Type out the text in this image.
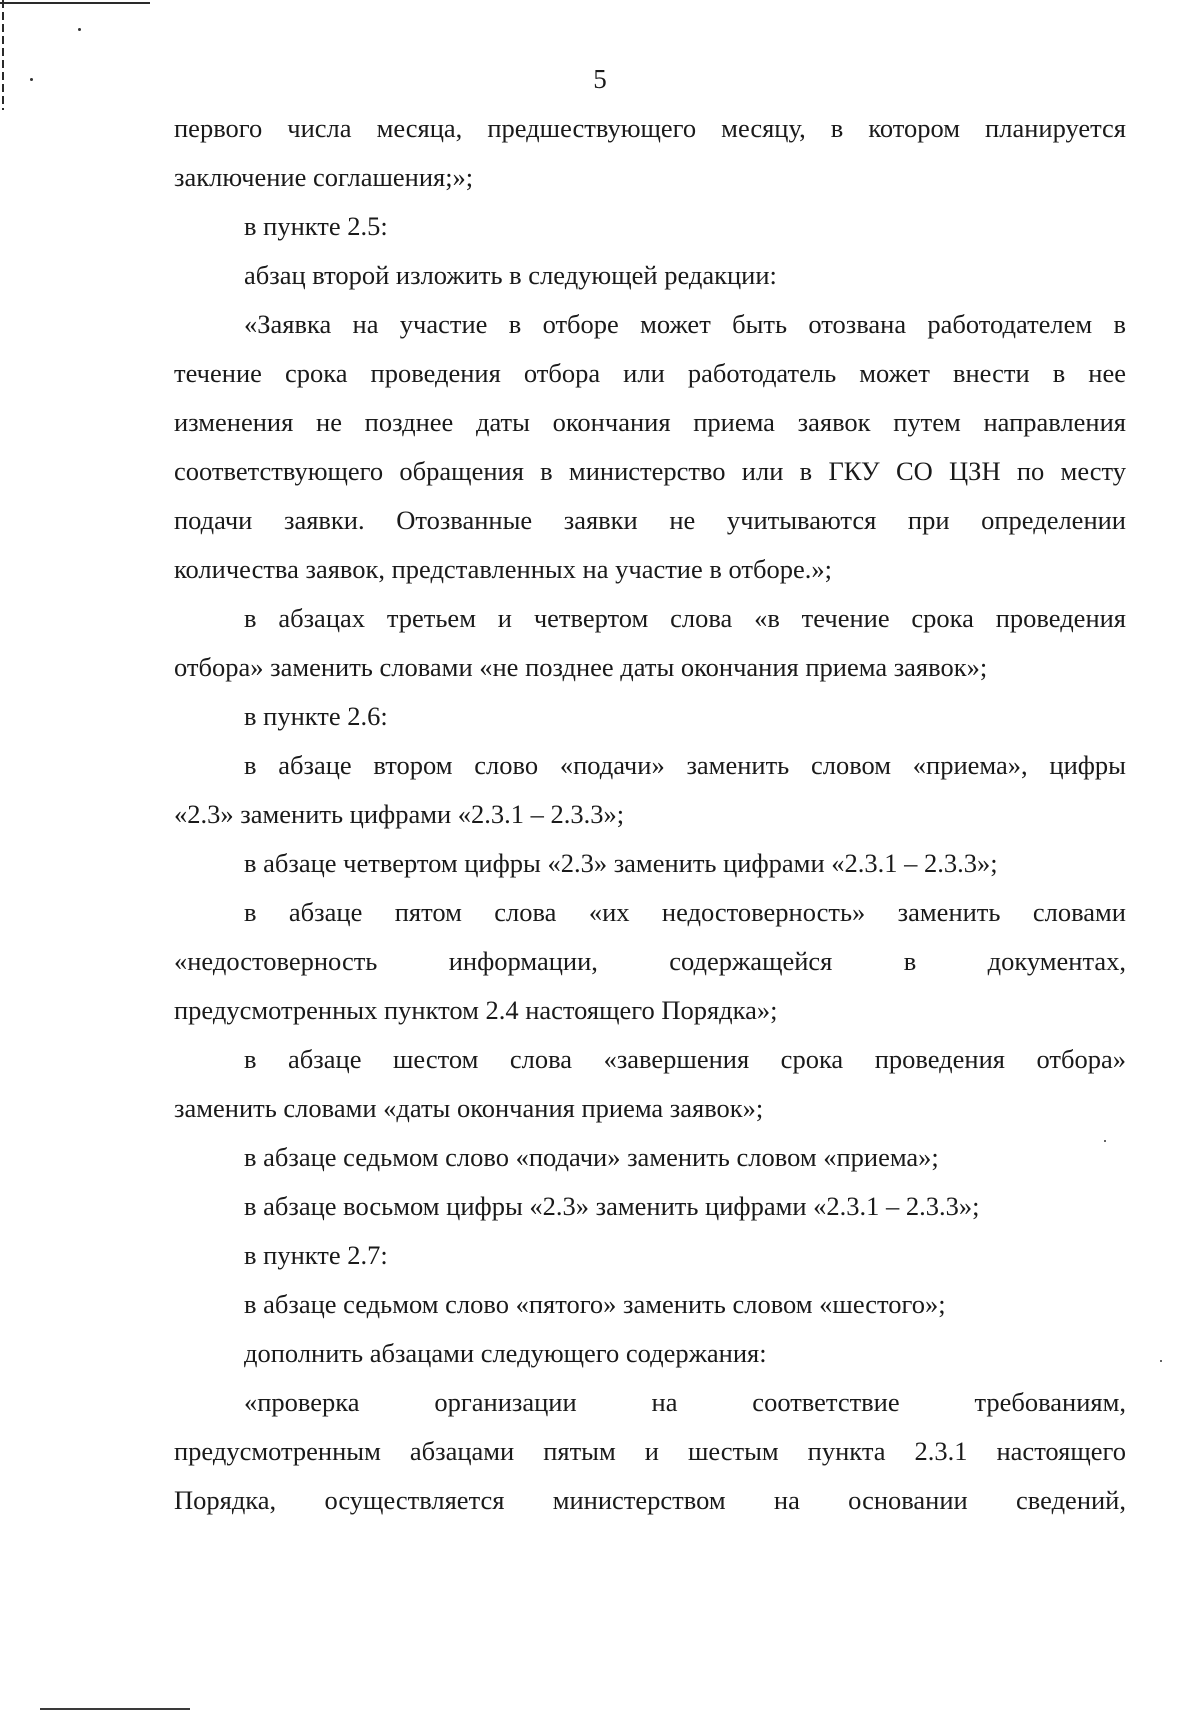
5
первого числа месяца, предшествующего месяцу, в котором планируется
заключение соглашения;»;
в пункте 2.5:
абзац второй изложить в следующей редакции:
«Заявка на участие в отборе может быть отозвана работодателем в
течение срока проведения отбора или работодатель может внести в нее
изменения не позднее даты окончания приема заявок путем направления
соответствующего обращения в министерство или в ГКУ СО ЦЗН по месту
подачи заявки. Отозванные заявки не учитываются при определении
количества заявок, представленных на участие в отборе.»;
в абзацах третьем и четвертом слова «в течение срока проведения
отбора» заменить словами «не позднее даты окончания приема заявок»;
в пункте 2.6:
в абзаце втором слово «подачи» заменить словом «приема», цифры
«2.3» заменить цифрами «2.3.1 – 2.3.3»;
в абзаце четвертом цифры «2.3» заменить цифрами «2.3.1 – 2.3.3»;
в абзаце пятом слова «их недостоверность» заменить словами
«недостоверность информации, содержащейся в документах,
предусмотренных пунктом 2.4 настоящего Порядка»;
в абзаце шестом слова «завершения срока проведения отбора»
заменить словами «даты окончания приема заявок»;
в абзаце седьмом слово «подачи» заменить словом «приема»;
в абзаце восьмом цифры «2.3» заменить цифрами «2.3.1 – 2.3.3»;
в пункте 2.7:
в абзаце седьмом слово «пятого» заменить словом «шестого»;
дополнить абзацами следующего содержания:
«проверка организации на соответствие требованиям,
предусмотренным абзацами пятым и шестым пункта 2.3.1 настоящего
Порядка, осуществляется министерством на основании сведений,
